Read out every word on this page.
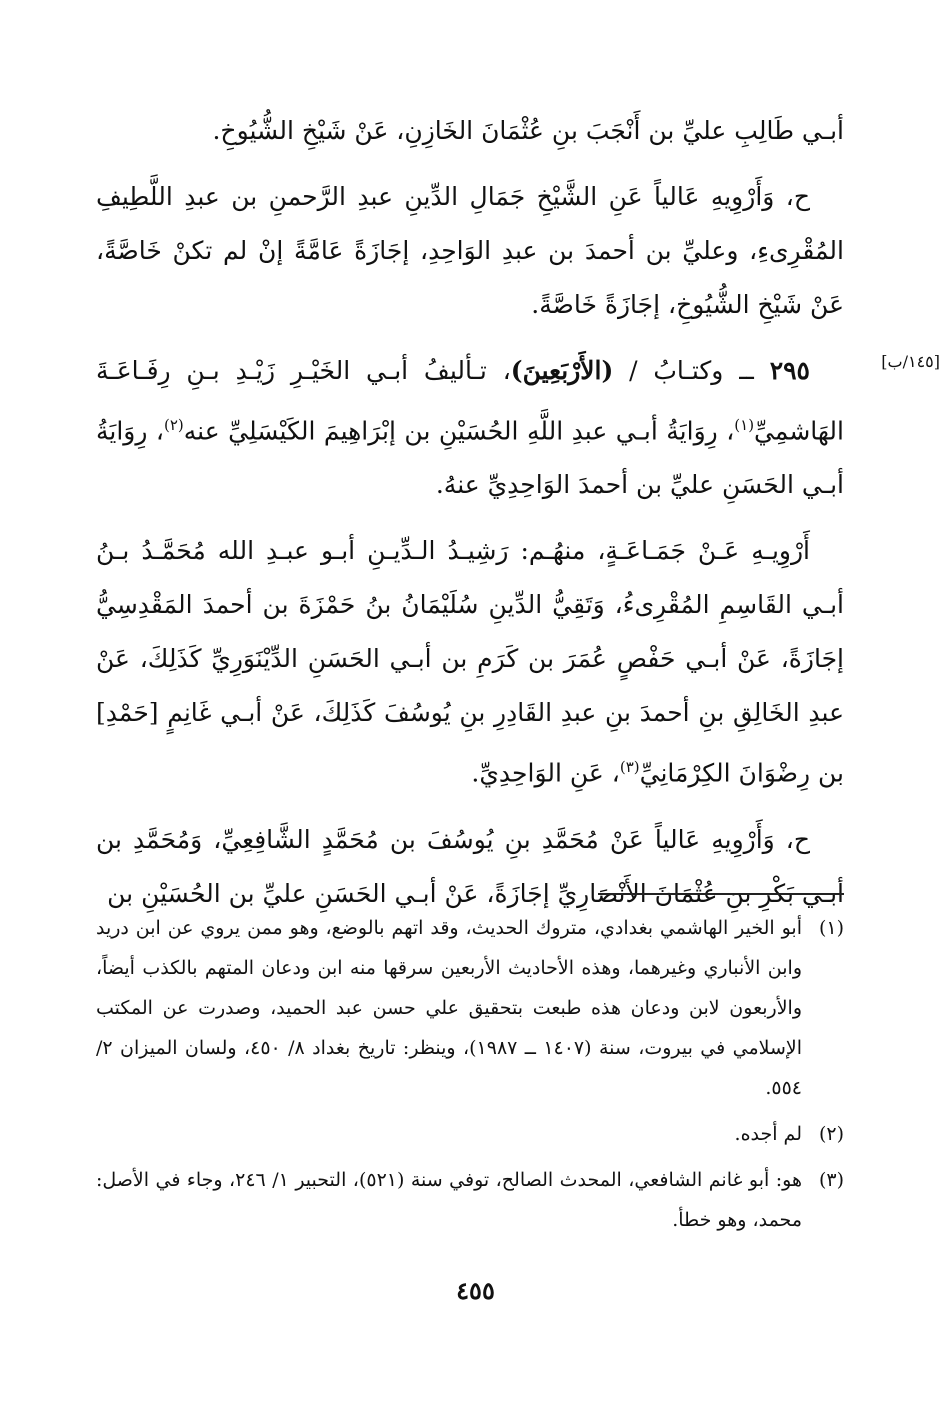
أبـي طَالِبِ عليِّ بن أَنْجَبَ بنِ عُثْمَانَ الخَازِنِ، عَنْ شَيْخِ الشُّيُوخِ.

ح، وَأَرْوِيهِ عَالياً عَنِ الشَّيْخِ جَمَالِ الدِّينِ عبدِ الرَّحمنِ بن عبدِ اللَّطِيفِ المُقْرِىءِ، وعليِّ بن أحمدَ بن عبدِ الوَاحِدِ، إجَازَةً عَامَّةً إنْ لم تكنْ خَاصَّةً، عَنْ شَيْخِ الشُّيُوخِ، إجَازَةً خَاصَّةً.

٢٩٥ ــ وكتـابُ / (الأَرْبَعِينَ)، تـأليفُ أبـي الخَيْـرِ زَيْـدِ بـنِ رِفَـاعَـةَ الهَاشمِيِّ$^{(١)}$، رِوَايَةُ أبـي عبدِ اللَّهِ الحُسَيْنِ بن إبْرَاهِيمَ الكَيْسَلِيِّ عنه$^{(٢)}$، رِوَايَةُ أبـي الحَسَنِ عليِّ بن أحمدَ الوَاحِدِيِّ عنهُ.

أَرْوِيـهِ عَـنْ جَمَـاعَـةٍ، منهُـم: رَشِيـدُ الـدِّيـنِ أبـو عبـدِ الله مُحَمَّـدُ بـنُ أبـي القَاسِمِ المُقْرِىءُ، وَتَقِيُّ الدِّينِ سُلَيْمَانُ بنُ حَمْزَةَ بن أحمدَ المَقْدِسِيُّ إجَازَةً، عَنْ أبـي حَفْصٍ عُمَرَ بن كَرَمِ بن أبـي الحَسَنِ الدِّيْنَوَرِيِّ كَذَلِكَ، عَنْ عبدِ الخَالِقِ بنِ أحمدَ بنِ عبدِ القَادِرِ بنِ يُوسُفَ كَذَلِكَ، عَنْ أبـي غَانِمٍ [حَمْدِ] بن رِضْوَانَ الكِرْمَانِيِّ$^{(٣)}$، عَنِ الوَاحِدِيِّ.

ح، وَأَرْوِيهِ عَالياً عَنْ مُحَمَّدِ بنِ يُوسُفَ بن مُحَمَّدٍ الشَّافِعِيِّ، وَمُحَمَّدِ بن أبـي بَكْرِ بنِ عُثْمَانَ الأَنْصَارِيِّ إجَازَةً، عَنْ أبـي الحَسَنِ عليِّ بن الحُسَيْنِ بن

[١٤٥/ب]
(١)
أبو الخير الهاشمي بغدادي، متروك الحديث، وقد اتهم بالوضع، وهو ممن يروي عن ابن دريد وابن الأنباري وغيرهما، وهذه الأحاديث الأربعين سرقها منه ابن ودعان المتهم بالكذب أيضاً، والأربعون لابن ودعان هذه طبعت بتحقيق علي حسن عبد الحميد، وصدرت عن المكتب الإسلامي في بيروت، سنة (١٤٠٧ ــ ١٩٨٧)، وينظر: تاريخ بغداد ٨/ ٤٥٠، ولسان الميزان ٢/ ٥٥٤.
(٢)
لم أجده.
(٣)
هو: أبو غانم الشافعي، المحدث الصالح، توفي سنة (٥٢١)، التحبير ١/ ٢٤٦، وجاء في الأصل: محمد، وهو خطأ.
٤٥٥
